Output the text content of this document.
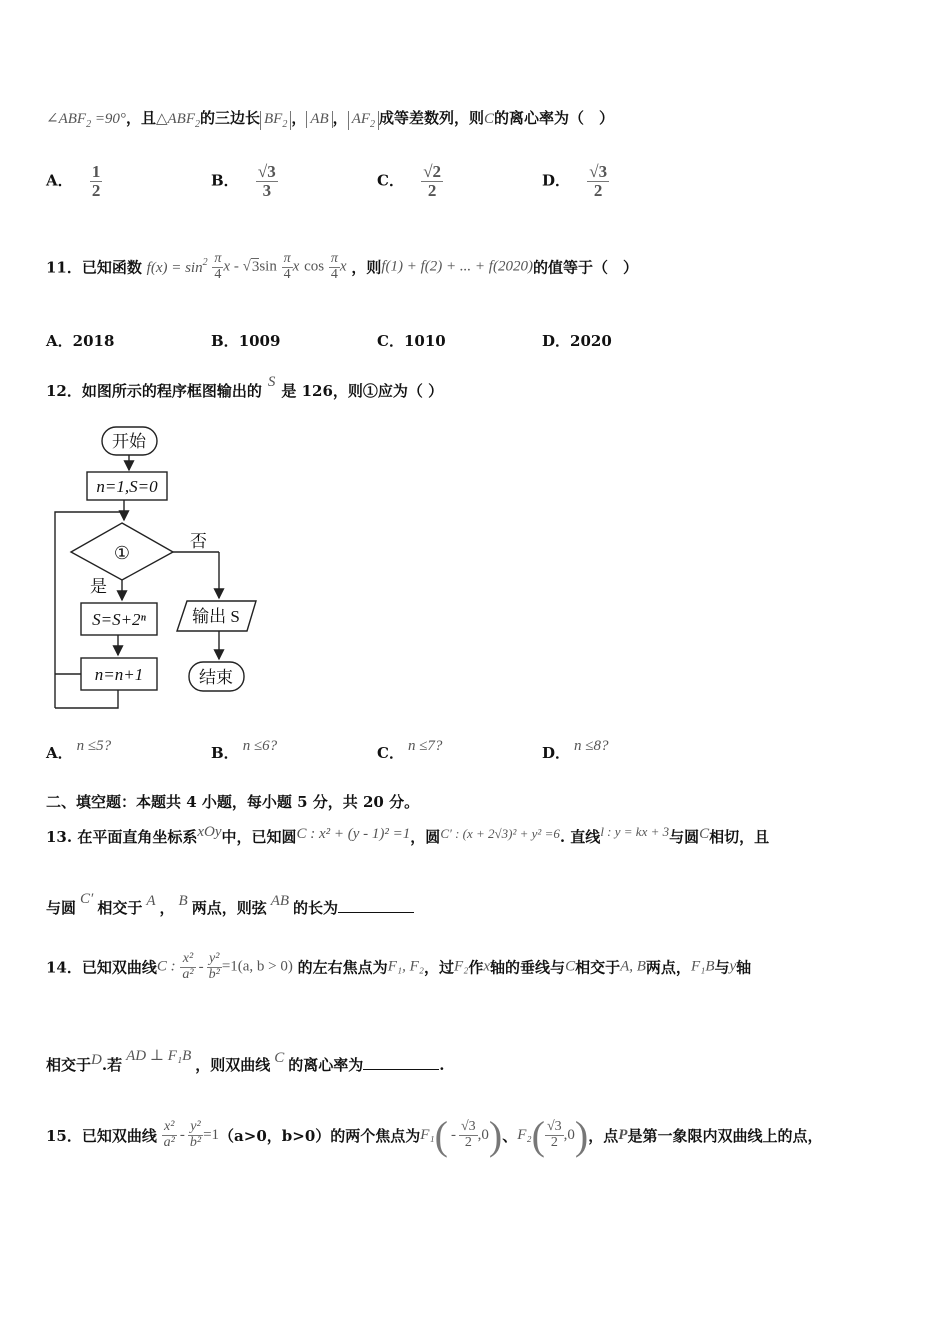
$\angle ABF_2 =90^\circ$，且$\triangle ABF_2$的三边长 $BF_2$ ， AB ， $AF_2$ 成等差数列，则C的离心率为（　）
A． $\frac{1}{2}$	B． $\frac{√3}{3}$	C． $\frac{√2}{2}$	D． $\frac{√3}{2}$
11．已知函数 $f(x) = \sin^2 \frac{\pi}{4}$ x - $√3\sin \frac{\pi}{4}$ x $\cos \frac{\pi}{4}$ x ，则f(1) + f(2) + ... + f(2020)的值等于（　）
A．2018	B．1009	C．1010	D．2020
12．如图所示的程序框图输出的 S 是 126，则①应为（ ）
开始
n=1,S=0
①
否
是
S=S+2ⁿ	输出 S
n=n+1	结束
A． n ≤5?	B． n ≤6?	C． n ≤7?	D． n ≤8?
二、填空题：本题共 4 小题，每小题 5 分，共 20 分。
13. 在平面直角坐标系xOy中，已知圆C : x² + (y - 1)² =1，圆C′ : (x + 2√3)² + y² =6. 直线l : y = kx + 3与圆C相切，且
与圆 C′ 相交于 A ， B 两点，则弦 AB 的长为
14．已知双曲线C : $\frac{\text{x²}}{\text{a²}} - \frac{\text{y²}}{\text{b²}} =1(a$, b > 0) 的左右焦点为F₁, F₂，过F₂作x轴的垂线与C相交于A, B两点，F₁B与y轴
相交于D.若 AD ⊥ F₁B ，则双曲线 C 的离心率为	.
15．已知双曲线 $\frac{\text{x²}}{\text{a²}} - \frac{\text{y²}}{\text{b²}} =1(a>0$，b>0）的两个焦点为$F_1( - \frac{√3}{2} ,0)$、$F_2( \frac{√3}{2} ,0)$，点P是第一象限内双曲线上的点，
